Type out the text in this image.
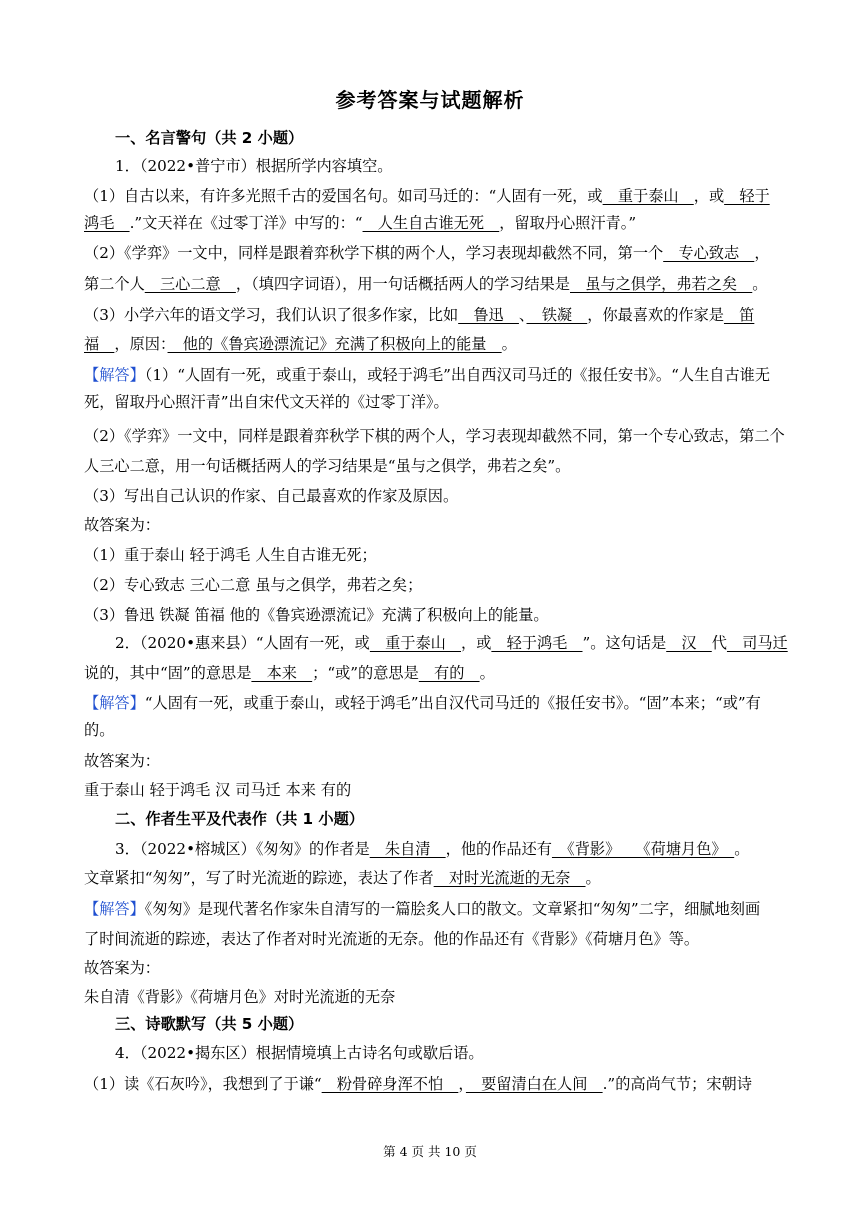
参考答案与试题解析
一、名言警句（共 2 小题）
1．（2022•普宁市）根据所学内容填空。
（1）自古以来，有许多光照千古的爱国名句。如司马迁的：“人固有一死，或　重于泰山　，或　轻于
鸿毛　.”文天祥在《过零丁洋》中写的：“　人生自古谁无死　，留取丹心照汗青。”
（2）《学弈》一文中，同样是跟着弈秋学下棋的两个人，学习表现却截然不同，第一个　专心致志　，
第二个人　三心二意　，（填四字词语），用一句话概括两人的学习结果是　虽与之俱学，弗若之矣　。
（3）小学六年的语文学习，我们认识了很多作家，比如　鲁迅　、　铁凝　，你最喜欢的作家是　笛
福　，原因：　他的《鲁宾逊漂流记》充满了积极向上的能量　。
【解答】（1）“人固有一死，或重于泰山，或轻于鸿毛”出自西汉司马迁的《报任安书》。“人生自古谁无
死，留取丹心照汗青”出自宋代文天祥的《过零丁洋》。
（2）《学弈》一文中，同样是跟着弈秋学下棋的两个人，学习表现却截然不同，第一个专心致志，第二个
人三心二意，用一句话概括两人的学习结果是“虽与之俱学，弗若之矣”。
（3）写出自己认识的作家、自己最喜欢的作家及原因。
故答案为：
（1）重于泰山 轻于鸿毛 人生自古谁无死；
（2）专心致志 三心二意 虽与之俱学，弗若之矣；
（3）鲁迅 铁凝 笛福 他的《鲁宾逊漂流记》充满了积极向上的能量。
2．（2020•惠来县）“人固有一死，或　重于泰山　，或　轻于鸿毛　”。这句话是　汉　代　司马迁
说的，其中“固”的意思是　本来　；“或”的意思是　有的　。
【解答】“人固有一死，或重于泰山，或轻于鸿毛”出自汉代司马迁的《报任安书》。“固”本来；“或”有
的。
故答案为：
重于泰山 轻于鸿毛 汉 司马迁 本来 有的
二、作者生平及代表作（共 1 小题）
3．（2022•榕城区）《匆匆》的作者是　朱自清　，他的作品还有　《背影》　　《荷塘月色》　。
文章紧扣“匆匆”，写了时光流逝的踪迹，表达了作者　对时光流逝的无奈　。
【解答】《匆匆》是现代著名作家朱自清写的一篇脍炙人口的散文。文章紧扣“匆匆”二字，细腻地刻画
了时间流逝的踪迹，表达了作者对时光流逝的无奈。他的作品还有《背影》《荷塘月色》等。
故答案为：
朱自清《背影》《荷塘月色》对时光流逝的无奈
三、诗歌默写（共 5 小题）
4．（2022•揭东区）根据情境填上古诗名句或歇后语。
（1）读《石灰吟》，我想到了于谦“　粉骨碎身浑不怕　，　要留清白在人间　.”的高尚气节；宋朝诗
第 4 页 共 10 页
